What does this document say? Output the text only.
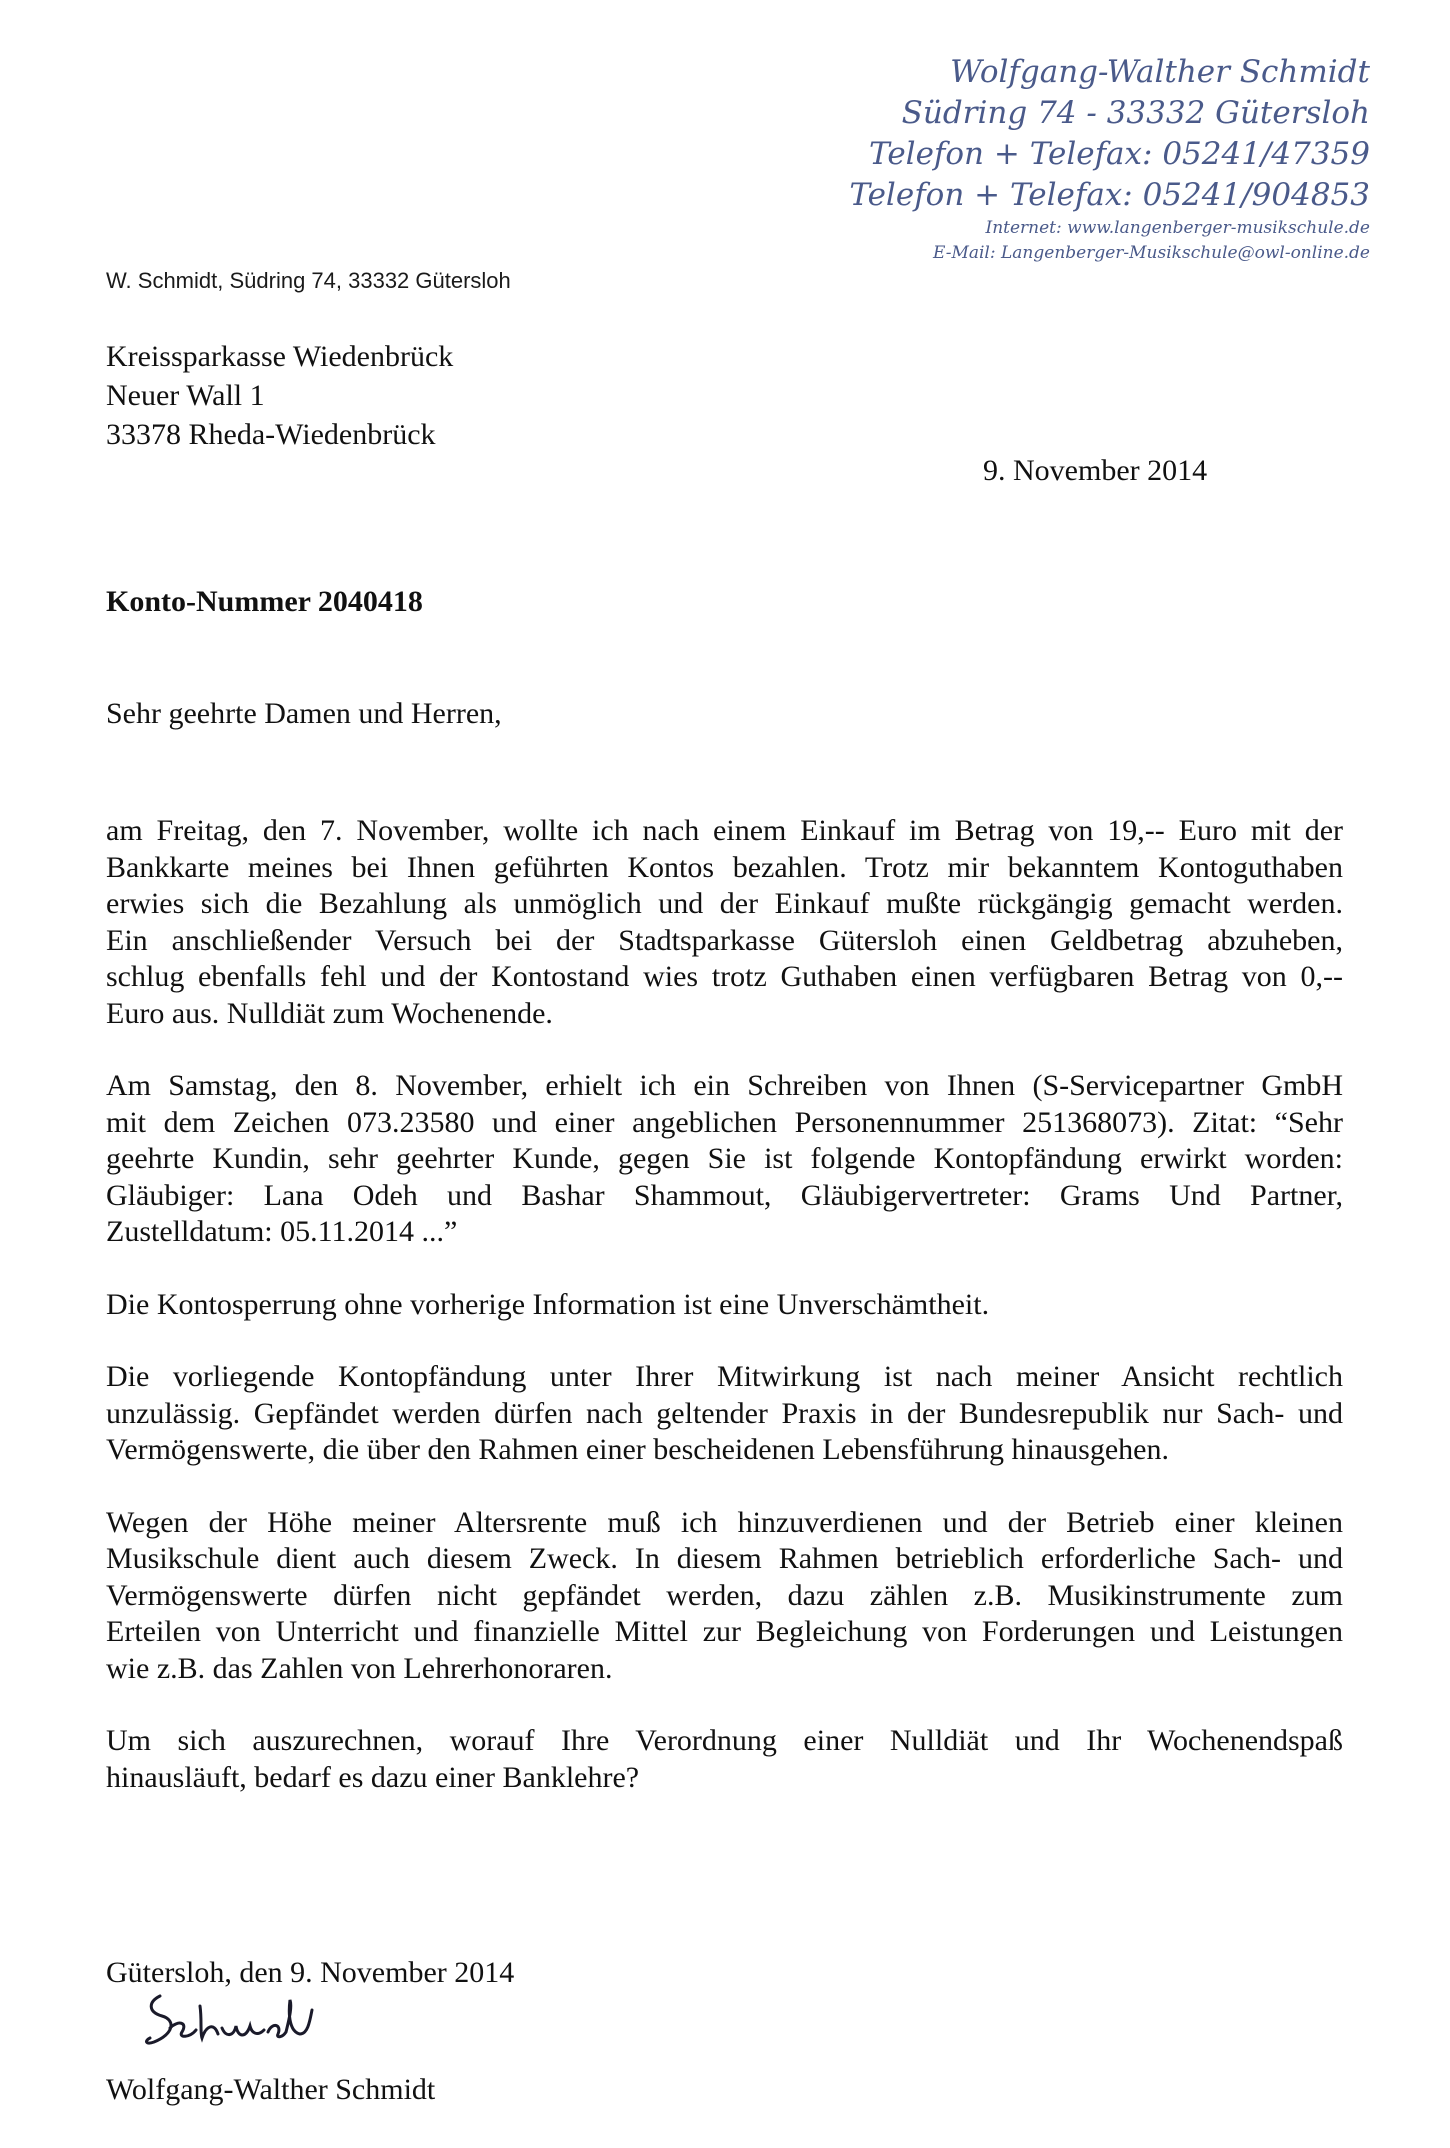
Wolfgang-Walther Schmidt
Südring 74 - 33332 Gütersloh
Telefon + Telefax: 05241/47359
Telefon + Telefax: 05241/904853
Internet: www.langenberger-musikschule.de
E-Mail: Langenberger-Musikschule@owl-online.de
W. Schmidt, Südring 74, 33332 Gütersloh
Kreissparkasse Wiedenbrück
Neuer Wall 1
33378 Rheda-Wiedenbrück
9. November 2014
Konto-Nummer 2040418
Sehr geehrte Damen und Herren,

am Freitag, den 7. November, wollte ich nach einem Einkauf im Betrag von 19,-- Euro mit der
Bankkarte meines bei Ihnen geführten Kontos bezahlen. Trotz mir bekanntem Kontoguthaben
erwies sich die Bezahlung als unmöglich und der Einkauf mußte rückgängig gemacht werden.
Ein anschließender Versuch bei der Stadtsparkasse Gütersloh einen Geldbetrag abzuheben,
schlug ebenfalls fehl und der Kontostand wies trotz Guthaben einen verfügbaren Betrag von 0,--
Euro aus. Nulldiät zum Wochenende.

Am Samstag, den 8. November, erhielt ich ein Schreiben von Ihnen (S-Servicepartner GmbH
mit dem Zeichen 073.23580 und einer angeblichen Personennummer 251368073). Zitat: “Sehr
geehrte Kundin, sehr geehrter Kunde, gegen Sie ist folgende Kontopfändung erwirkt worden:
Gläubiger: Lana Odeh und Bashar Shammout, Gläubigervertreter: Grams Und Partner,
Zustelldatum: 05.11.2014 ...”

Die Kontosperrung ohne vorherige Information ist eine Unverschämtheit.

Die vorliegende Kontopfändung unter Ihrer Mitwirkung ist nach meiner Ansicht rechtlich
unzulässig. Gepfändet werden dürfen nach geltender Praxis in der Bundesrepublik nur Sach- und
Vermögenswerte, die über den Rahmen einer bescheidenen Lebensführung hinausgehen.

Wegen der Höhe meiner Altersrente muß ich hinzuverdienen und der Betrieb einer kleinen
Musikschule dient auch diesem Zweck. In diesem Rahmen betrieblich erforderliche Sach- und
Vermögenswerte dürfen nicht gepfändet werden, dazu zählen z.B. Musikinstrumente zum
Erteilen von Unterricht und finanzielle Mittel zur Begleichung von Forderungen und Leistungen
wie z.B. das Zahlen von Lehrerhonoraren.

Um sich auszurechnen, worauf Ihre Verordnung einer Nulldiät und Ihr Wochenendspaß
hinausläuft, bedarf es dazu einer Banklehre?

Gütersloh, den 9. November 2014
Wolfgang-Walther Schmidt
